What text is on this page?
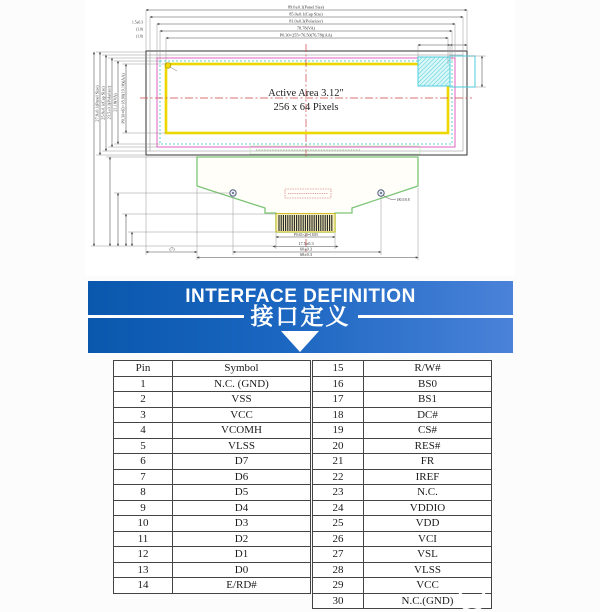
Active Area 3.12"
256 x 64 Pixels
89.0±0.1(Panel Size)
85.0±0.1(Cap Size)
81.0±0.3(Polarizer)
78.78(VA)
P0.30×255=76.50(76.78)(AA)
1.5±0.3
(1.0)
(1.0)
27.8±0.1(Panel Size) 25.8±0.1(Cap Size) 23.5±0.3(Polarizer) 21.18(VA) P0.30×63=18.90(19.18)(AA)
Ø0.5/0.8
(7)
P0.65×29=18.85
17.5±0.3
60±0.3
68±0.3
INTERFACE DEFINITION
接口定义
Pin	Symbol
1	N.C. (GND)
2	VSS
3	VCC
4	VCOMH
5	VLSS
6	D7
7	D6
8	D5
9	D4
10	D3
11	D2
12	D1
13	D0
14	E/RD#
15	R/W#
16	BS0
17	BS1
18	DC#
19	CS#
20	RES#
21	FR
22	IREF
23	N.C.
24	VDDIO
25	VDD
26	VCI
27	VSL
28	VLSS
29	VCC
30	N.C.(GND)
